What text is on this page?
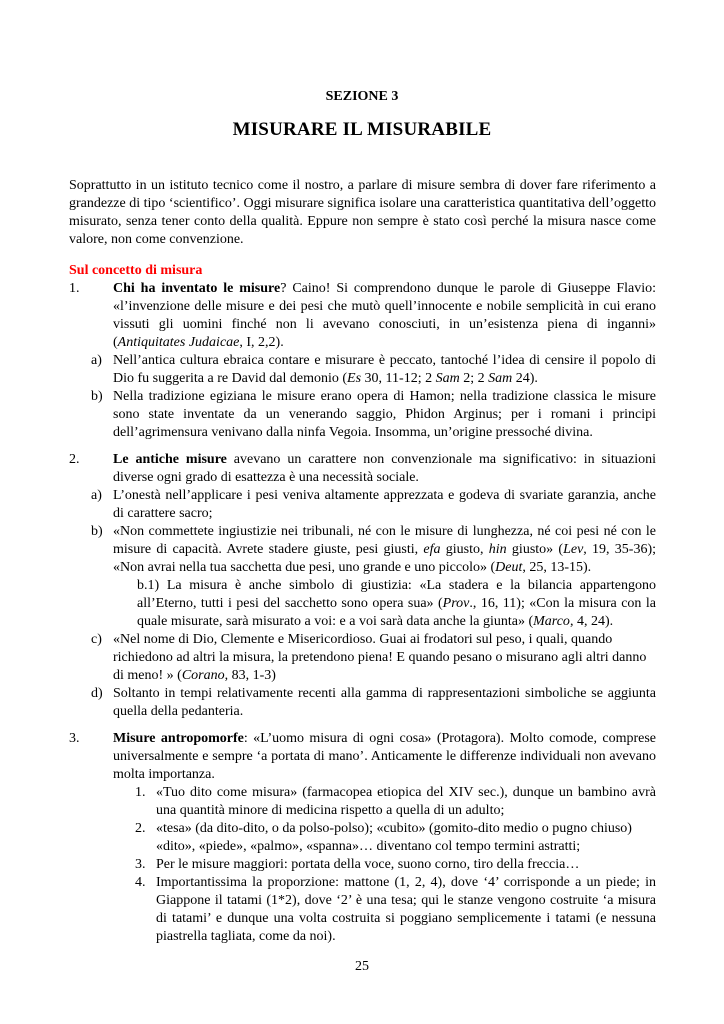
SEZIONE 3
MISURARE IL MISURABILE
Soprattutto in un istituto tecnico come il nostro, a parlare di misure sembra di dover fare riferimento a grandezze di tipo ‘scientifico’. Oggi misurare significa isolare una caratteristica quantitativa dell’oggetto misurato, senza tener conto della qualità. Eppure non sempre è stato così perché la misura nasce come valore, non come convenzione.
Sul concetto di misura
1. Chi ha inventato le misure? Caino! Si comprendono dunque le parole di Giuseppe Flavio: «l’invenzione delle misure e dei pesi che mutò quell’innocente e nobile semplicità in cui erano vissuti gli uomini finché non li avevano conosciuti, in un’esistenza piena di inganni» (Antiquitates Judaicae, I, 2,2).
a) Nell’antica cultura ebraica contare e misurare è peccato, tantoché l’idea di censire il popolo di Dio fu suggerita a re David dal demonio (Es 30, 11-12; 2 Sam 2; 2 Sam 24).
b) Nella tradizione egiziana le misure erano opera di Hamon; nella tradizione classica le misure sono state inventate da un venerando saggio, Phidon Arginus; per i romani i principi dell’agrimensura venivano dalla ninfa Vegoia. Insomma, un’origine pressoché divina.
2. Le antiche misure avevano un carattere non convenzionale ma significativo: in situazioni diverse ogni grado di esattezza è una necessità sociale.
a) L’onestà nell’applicare i pesi veniva altamente apprezzata e godeva di svariate garanzia, anche di carattere sacro;
b) «Non commettete ingiustizie nei tribunali, né con le misure di lunghezza, né coi pesi né con le misure di capacità. Avrete stadere giuste, pesi giusti, efa giusto, hin giusto» (Lev, 19, 35-36); «Non avrai nella tua sacchetta due pesi, uno grande e uno piccolo» (Deut, 25, 13-15).
b.1) La misura è anche simbolo di giustizia: «La stadera e la bilancia appartengono all’Eterno, tutti i pesi del sacchetto sono opera sua» (Prov., 16, 11); «Con la misura con la quale misurate, sarà misurato a voi: e a voi sarà data anche la giunta» (Marco, 4, 24).
c) «Nel nome di Dio, Clemente e Misericordioso. Guai ai frodatori sul peso, i quali, quando richiedono ad altri la misura, la pretendono piena! E quando pesano o misurano agli altri danno di meno! » (Corano, 83, 1-3)
d) Soltanto in tempi relativamente recenti alla gamma di rappresentazioni simboliche se aggiunta quella della pedanteria.
3. Misure antropomorfe: «L’uomo misura di ogni cosa» (Protagora). Molto comode, comprese universalmente e sempre ‘a portata di mano’. Anticamente le differenze individuali non avevano molta importanza.
1. «Tuo dito come misura» (farmacopea etiopica del XIV sec.), dunque un bambino avrà una quantità minore di medicina rispetto a quella di un adulto;
2. «tesa» (da dito-dito, o da polso-polso); «cubito» (gomito-dito medio o pugno chiuso) «dito», «piede», «palmo», «spanna»… diventano col tempo termini astratti;
3. Per le misure maggiori: portata della voce, suono corno, tiro della freccia…
4. Importantissima la proporzione: mattone (1, 2, 4), dove ‘4’ corrisponde a un piede; in Giappone il tatami (1*2), dove ‘2’ è una tesa; qui le stanze vengono costruite ‘a misura di tatami’ e dunque una volta costruita si poggiano semplicemente i tatami (e nessuna piastrella tagliata, come da noi).
25
